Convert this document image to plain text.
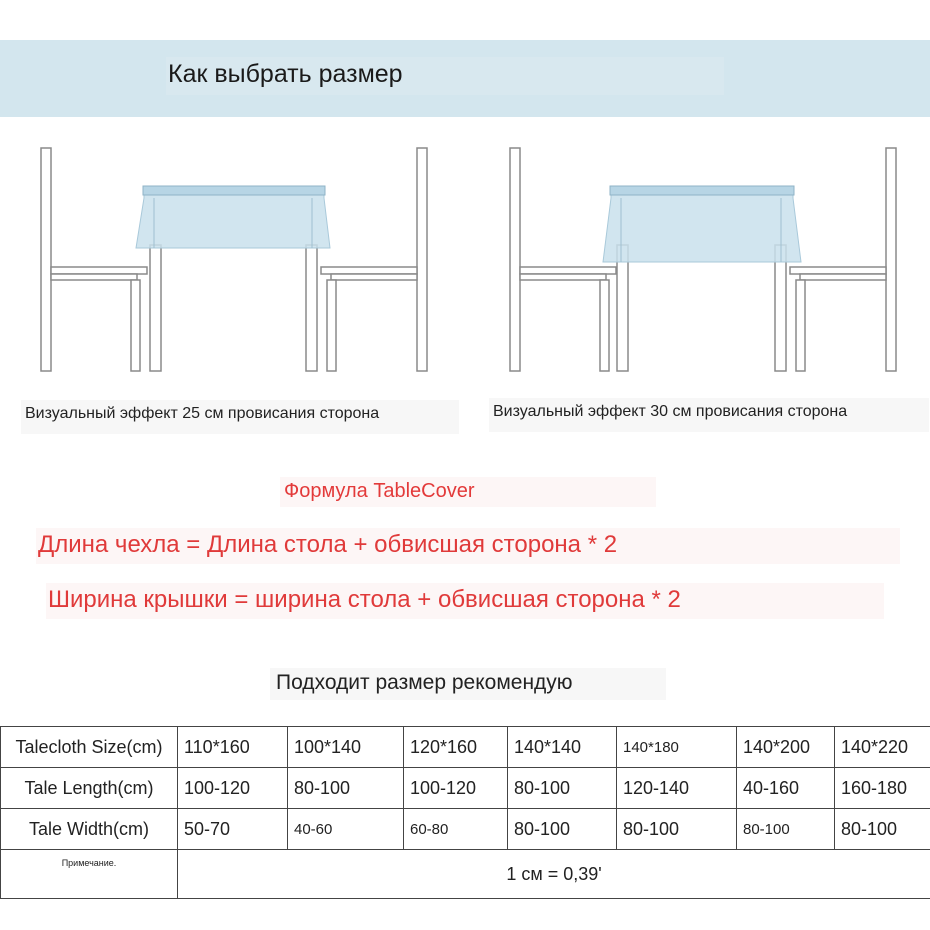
Как выбрать размер
Визуальный эффект 25 см провисания сторона	Визуальный эффект 30 см провисания сторона
Формула TableCover
Длина чехла = Длина стола + обвисшая сторона * 2
Ширина крышки = ширина стола + обвисшая сторона * 2
Подходит размер рекомендую
Talecloth Size(cm)	110*160	100*140	120*160	140*140	140*180	140*200	140*220
Tale Length(cm)	100-120	80-100	100-120	80-100	120-140	40-160	160-180
Tale Width(cm)	50-70	40-60	60-80	80-100	80-100	80-100	80-100
Примечание.	1 см = 0,39'						
